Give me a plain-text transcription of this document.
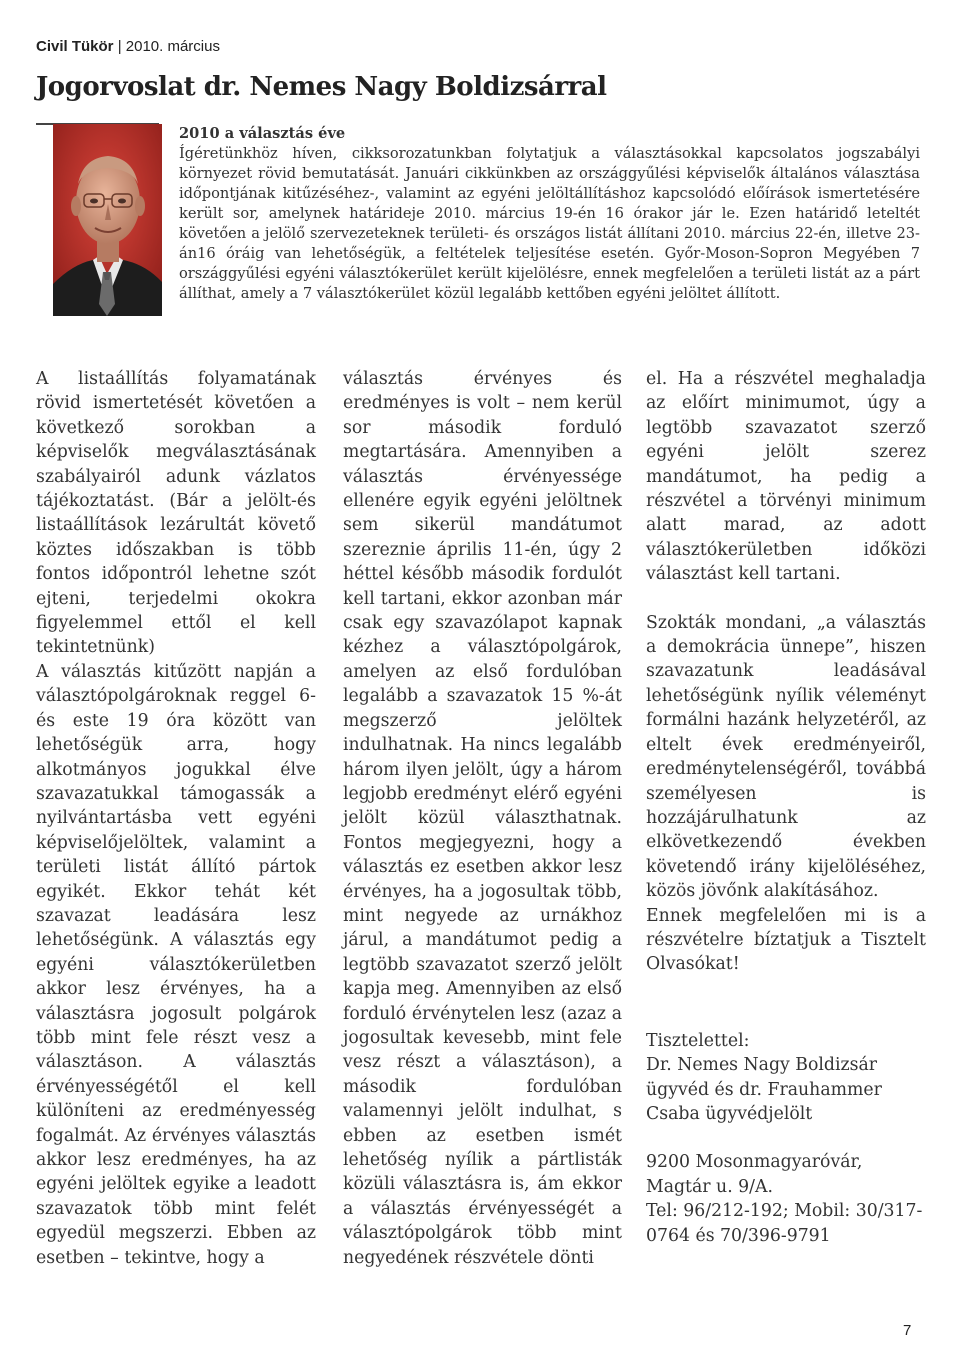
Civil Tükör | 2010. március
Jogorvoslat dr. Nemes Nagy Boldizsárral
2010 a választás éve
Ígéretünkhöz híven, cikksorozatunkban folytatjuk a választásokkal kapcsolatos jogszabályi környezet rövid bemutatását. Januári cikkünkben az országgyűlési képviselők általános választása időpontjának kitűzéséhez-, valamint az egyéni jelöltállításhoz kapcsolódó előírások ismertetésére került sor, amelynek határideje 2010. március 19-én 16 órakor jár le. Ezen határidő leteltét követően a jelölő szervezeteknek területi- és országos listát állítani 2010. március 22-én, illetve 23-án16 óráig van lehetőségük, a feltételek teljesítése esetén. Győr-Moson-Sopron Megyében 7 országgyűlési egyéni választókerület került kijelölésre, ennek megfelelően a területi listát az a párt állíthat, amely a 7 választókerület közül legalább kettőben egyéni jelöltet állított.

A listaállítás folyamatának rövid ismertetését követően a következő sorokban a képviselők megválasztásának szabályairól adunk vázlatos tájékoztatást. (Bár a jelölt-és listaállítások lezárultát követő köztes időszakban is több fontos időpontról lehetne szót ejteni, terjedelmi okokra figyelemmel ettől el kell tekintetnünk)

A választás kitűzött napján a választópolgároknak reggel 6- és este 19 óra között van lehetőségük arra, hogy alkotmányos jogukkal élve szavazatukkal támogassák a nyilvántartásba vett egyéni képviselőjelöltek, valamint a területi listát állító pártok egyikét. Ekkor tehát két szavazat leadására lesz lehetőségünk. A választás egy egyéni választókerületben akkor lesz érvényes, ha a választásra jogosult polgárok több mint fele részt vesz a választáson. A választás érvényességétől el kell különíteni az eredményesség fogalmát. Az érvényes választás akkor lesz eredményes, ha az egyéni jelöltek egyike a leadott szavazatok több mint felét egyedül megszerzi. Ebben az esetben – tekintve, hogy a

választás érvényes és eredményes is volt – nem kerül sor második forduló megtartására. Amennyiben a választás érvényessége ellenére egyik egyéni jelöltnek sem sikerül mandátumot szereznie április 11-én, úgy 2 héttel később második fordulót kell tartani, ekkor azonban már csak egy szavazólapot kapnak kézhez a választópolgárok, amelyen az első fordulóban legalább a szavazatok 15 %-át megszerző jelöltek indulhatnak. Ha nincs legalább három ilyen jelölt, úgy a három legjobb eredményt elérő egyéni jelölt közül választhatnak. Fontos megjegyezni, hogy a választás ez esetben akkor lesz érvényes, ha a jogosultak több, mint negyede az urnákhoz járul, a mandátumot pedig a legtöbb szavazatot szerző jelölt kapja meg. Amennyiben az első forduló érvénytelen lesz (azaz a jogosultak kevesebb, mint fele vesz részt a választáson), a második fordulóban valamennyi jelölt indulhat, s ebben az esetben ismét lehetőség nyílik a pártlisták közüli választásra is, ám ekkor a választás érvényességét a választópolgárok több mint negyedének részvétele dönti

el. Ha a részvétel meghaladja az előírt minimumot, úgy a legtöbb szavazatot szerző egyéni jelölt szerez mandátumot, ha pedig a részvétel a törvényi minimum alatt marad, az adott választókerületben időközi választást kell tartani.

Szokták mondani, „a választás a demokrácia ünnepe”, hiszen szavazatunk leadásával lehetőségünk nyílik véleményt formálni hazánk helyzetéről, az eltelt évek eredményeiről, eredménytelenségéről, továbbá személyesen is hozzájárulhatunk az elkövetkezendő években követendő irány kijelöléséhez, közös jövőnk alakításához.

Ennek megfelelően mi is a részvételre bíztatjuk a Tisztelt Olvasókat!

Tisztelettel:

Dr. Nemes Nagy Boldizsár ügyvéd és dr. Frauhammer Csaba ügyvédjelölt

9200 Mosonmagyaróvár, Magtár u. 9/A.

Tel: 96/212-192; Mobil: 30/317-0764 és 70/396-9791

7
